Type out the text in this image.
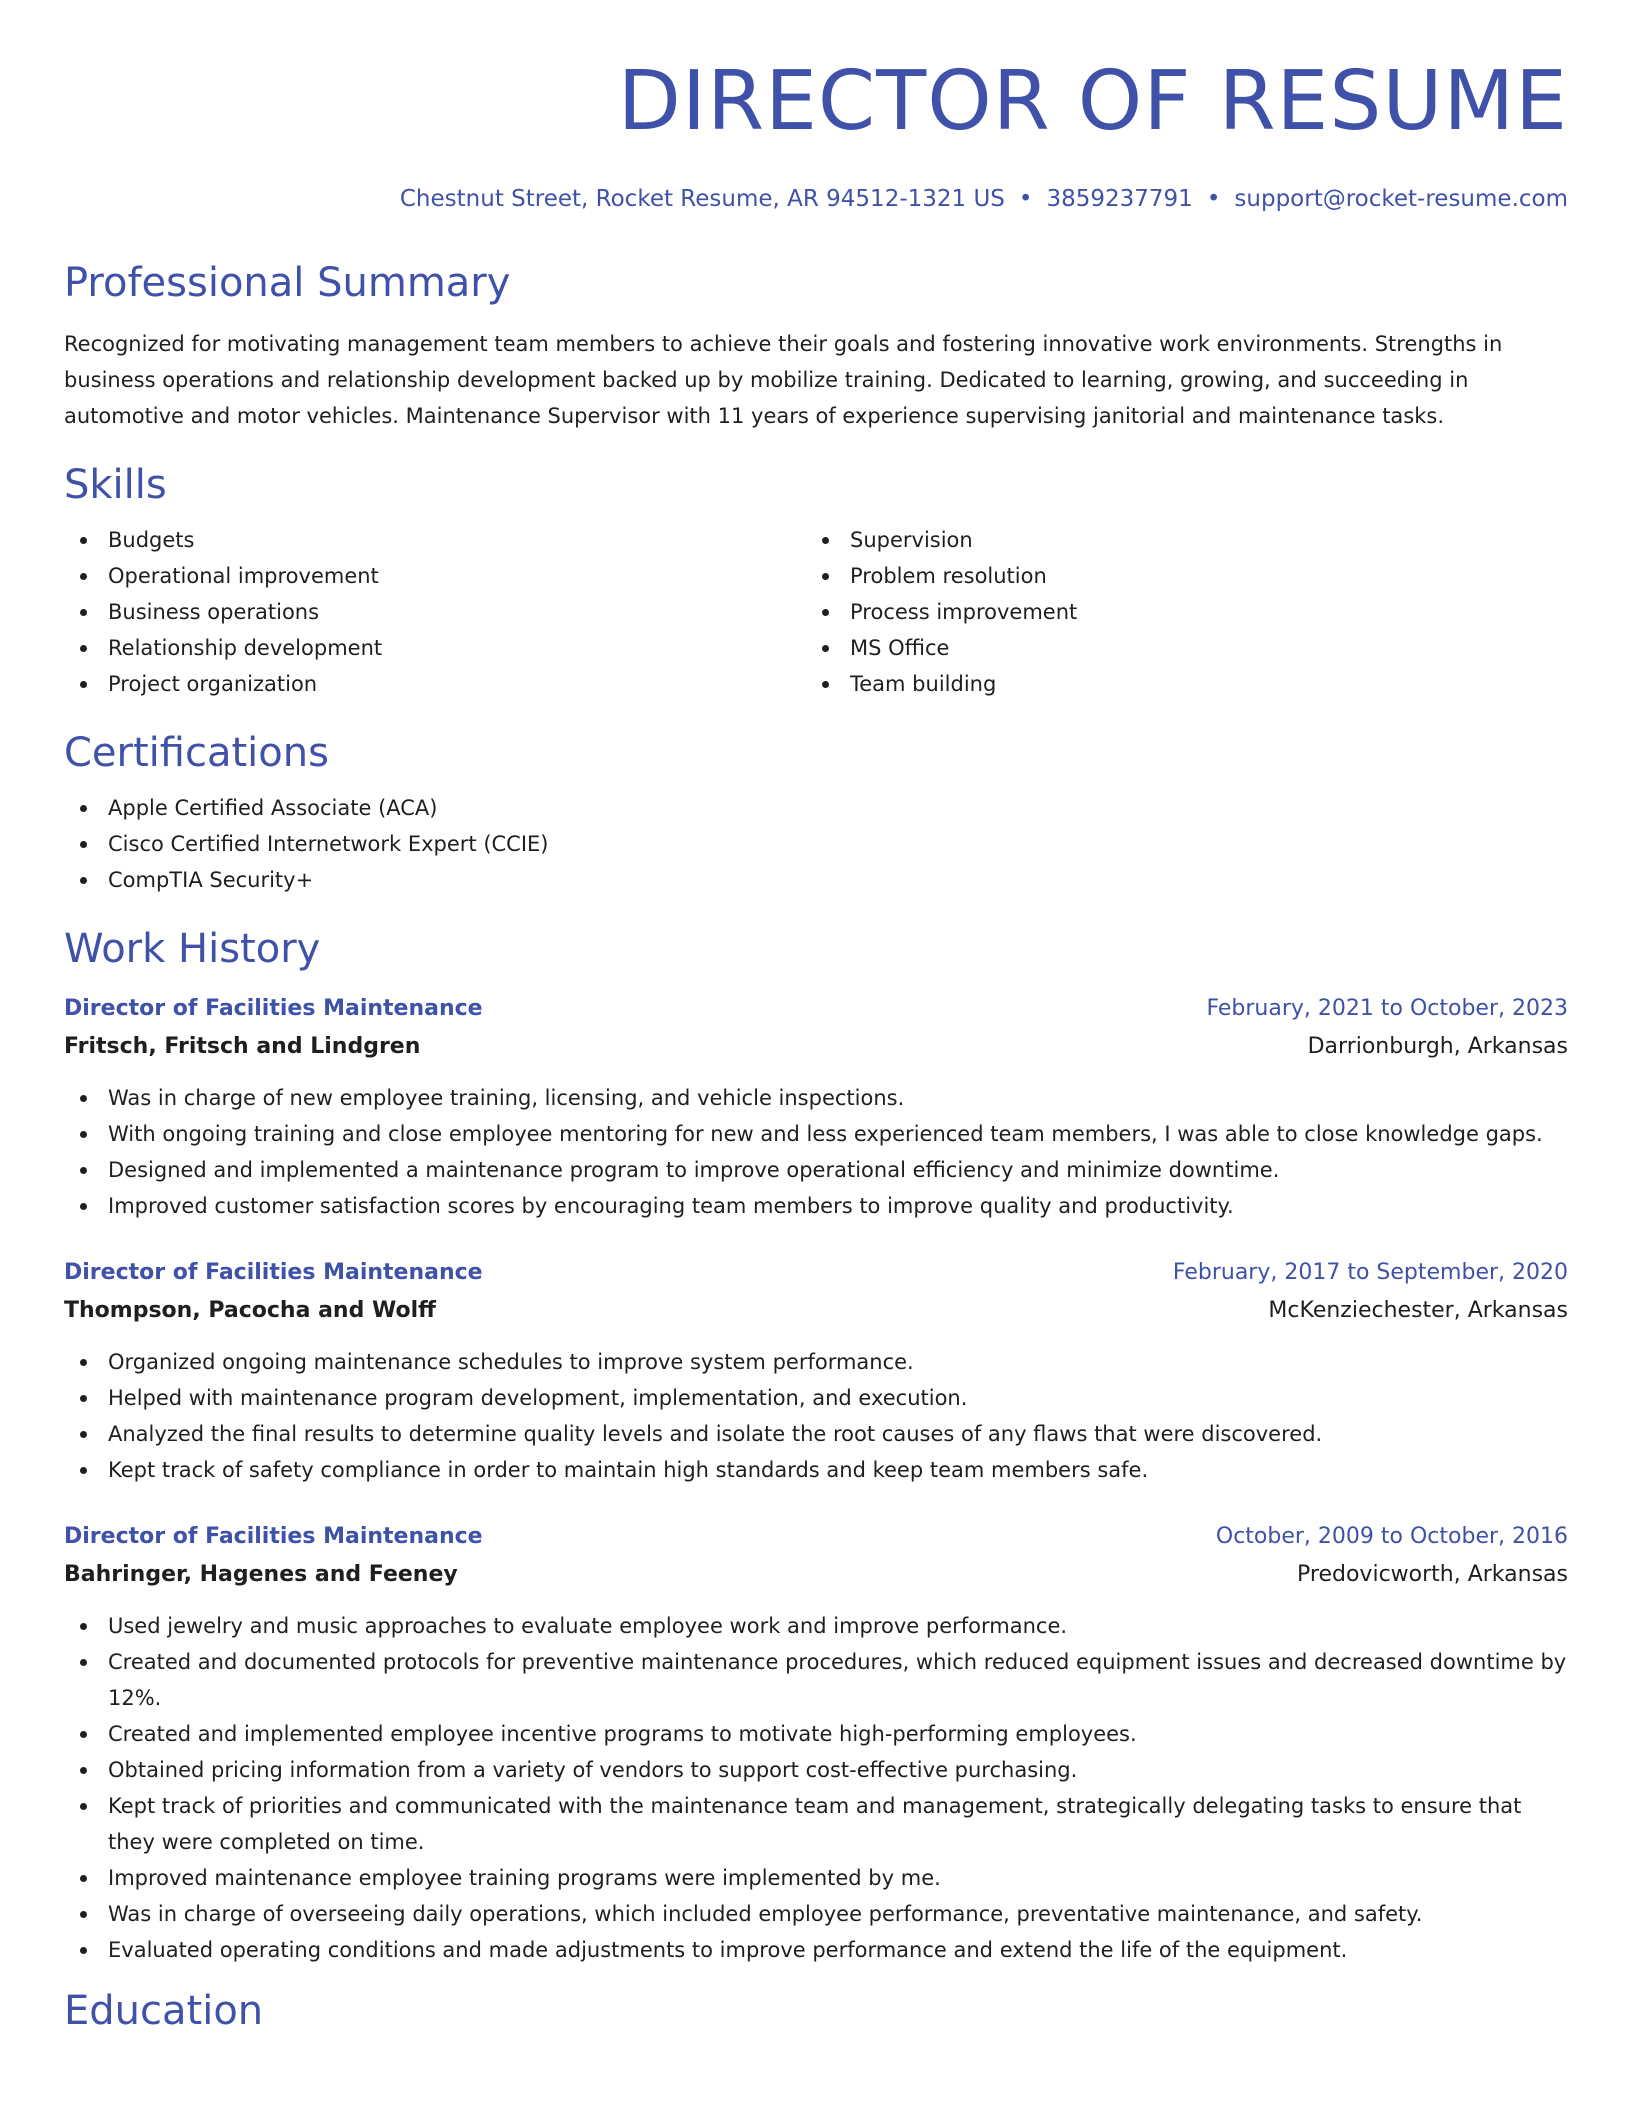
DIRECTOR OF RESUME
Chestnut Street, Rocket Resume, AR 94512-1321 US • 3859237791 • support@rocket-resume.com
Professional Summary

Recognized for motivating management team members to achieve their goals and fostering innovative work environments. Strengths in business operations and relationship development backed up by mobilize training. Dedicated to learning, growing, and succeeding in automotive and motor vehicles. Maintenance Supervisor with 11 years of experience supervising janitorial and maintenance tasks.

Skills
Budgets
Operational improvement
Business operations
Relationship development
Project organization
Supervision
Problem resolution
Process improvement
MS Office
Team building
Certifications
Apple Certified Associate (ACA)
Cisco Certified Internetwork Expert (CCIE)
CompTIA Security+
Work History
Director of Facilities Maintenance	February, 2021 to October, 2023
Fritsch, Fritsch and Lindgren	Darrionburgh, Arkansas
Was in charge of new employee training, licensing, and vehicle inspections.
With ongoing training and close employee mentoring for new and less experienced team members, I was able to close knowledge gaps.
Designed and implemented a maintenance program to improve operational efficiency and minimize downtime.
Improved customer satisfaction scores by encouraging team members to improve quality and productivity.
Director of Facilities Maintenance	February, 2017 to September, 2020
Thompson, Pacocha and Wolff	McKenziechester, Arkansas
Organized ongoing maintenance schedules to improve system performance.
Helped with maintenance program development, implementation, and execution.
Analyzed the final results to determine quality levels and isolate the root causes of any flaws that were discovered.
Kept track of safety compliance in order to maintain high standards and keep team members safe.
Director of Facilities Maintenance	October, 2009 to October, 2016
Bahringer, Hagenes and Feeney	Predovicworth, Arkansas
Used jewelry and music approaches to evaluate employee work and improve performance.
Created and documented protocols for preventive maintenance procedures, which reduced equipment issues and decreased downtime by 12%.
Created and implemented employee incentive programs to motivate high-performing employees.
Obtained pricing information from a variety of vendors to support cost-effective purchasing.
Kept track of priorities and communicated with the maintenance team and management, strategically delegating tasks to ensure that they were completed on time.
Improved maintenance employee training programs were implemented by me.
Was in charge of overseeing daily operations, which included employee performance, preventative maintenance, and safety.
Evaluated operating conditions and made adjustments to improve performance and extend the life of the equipment.
Education
